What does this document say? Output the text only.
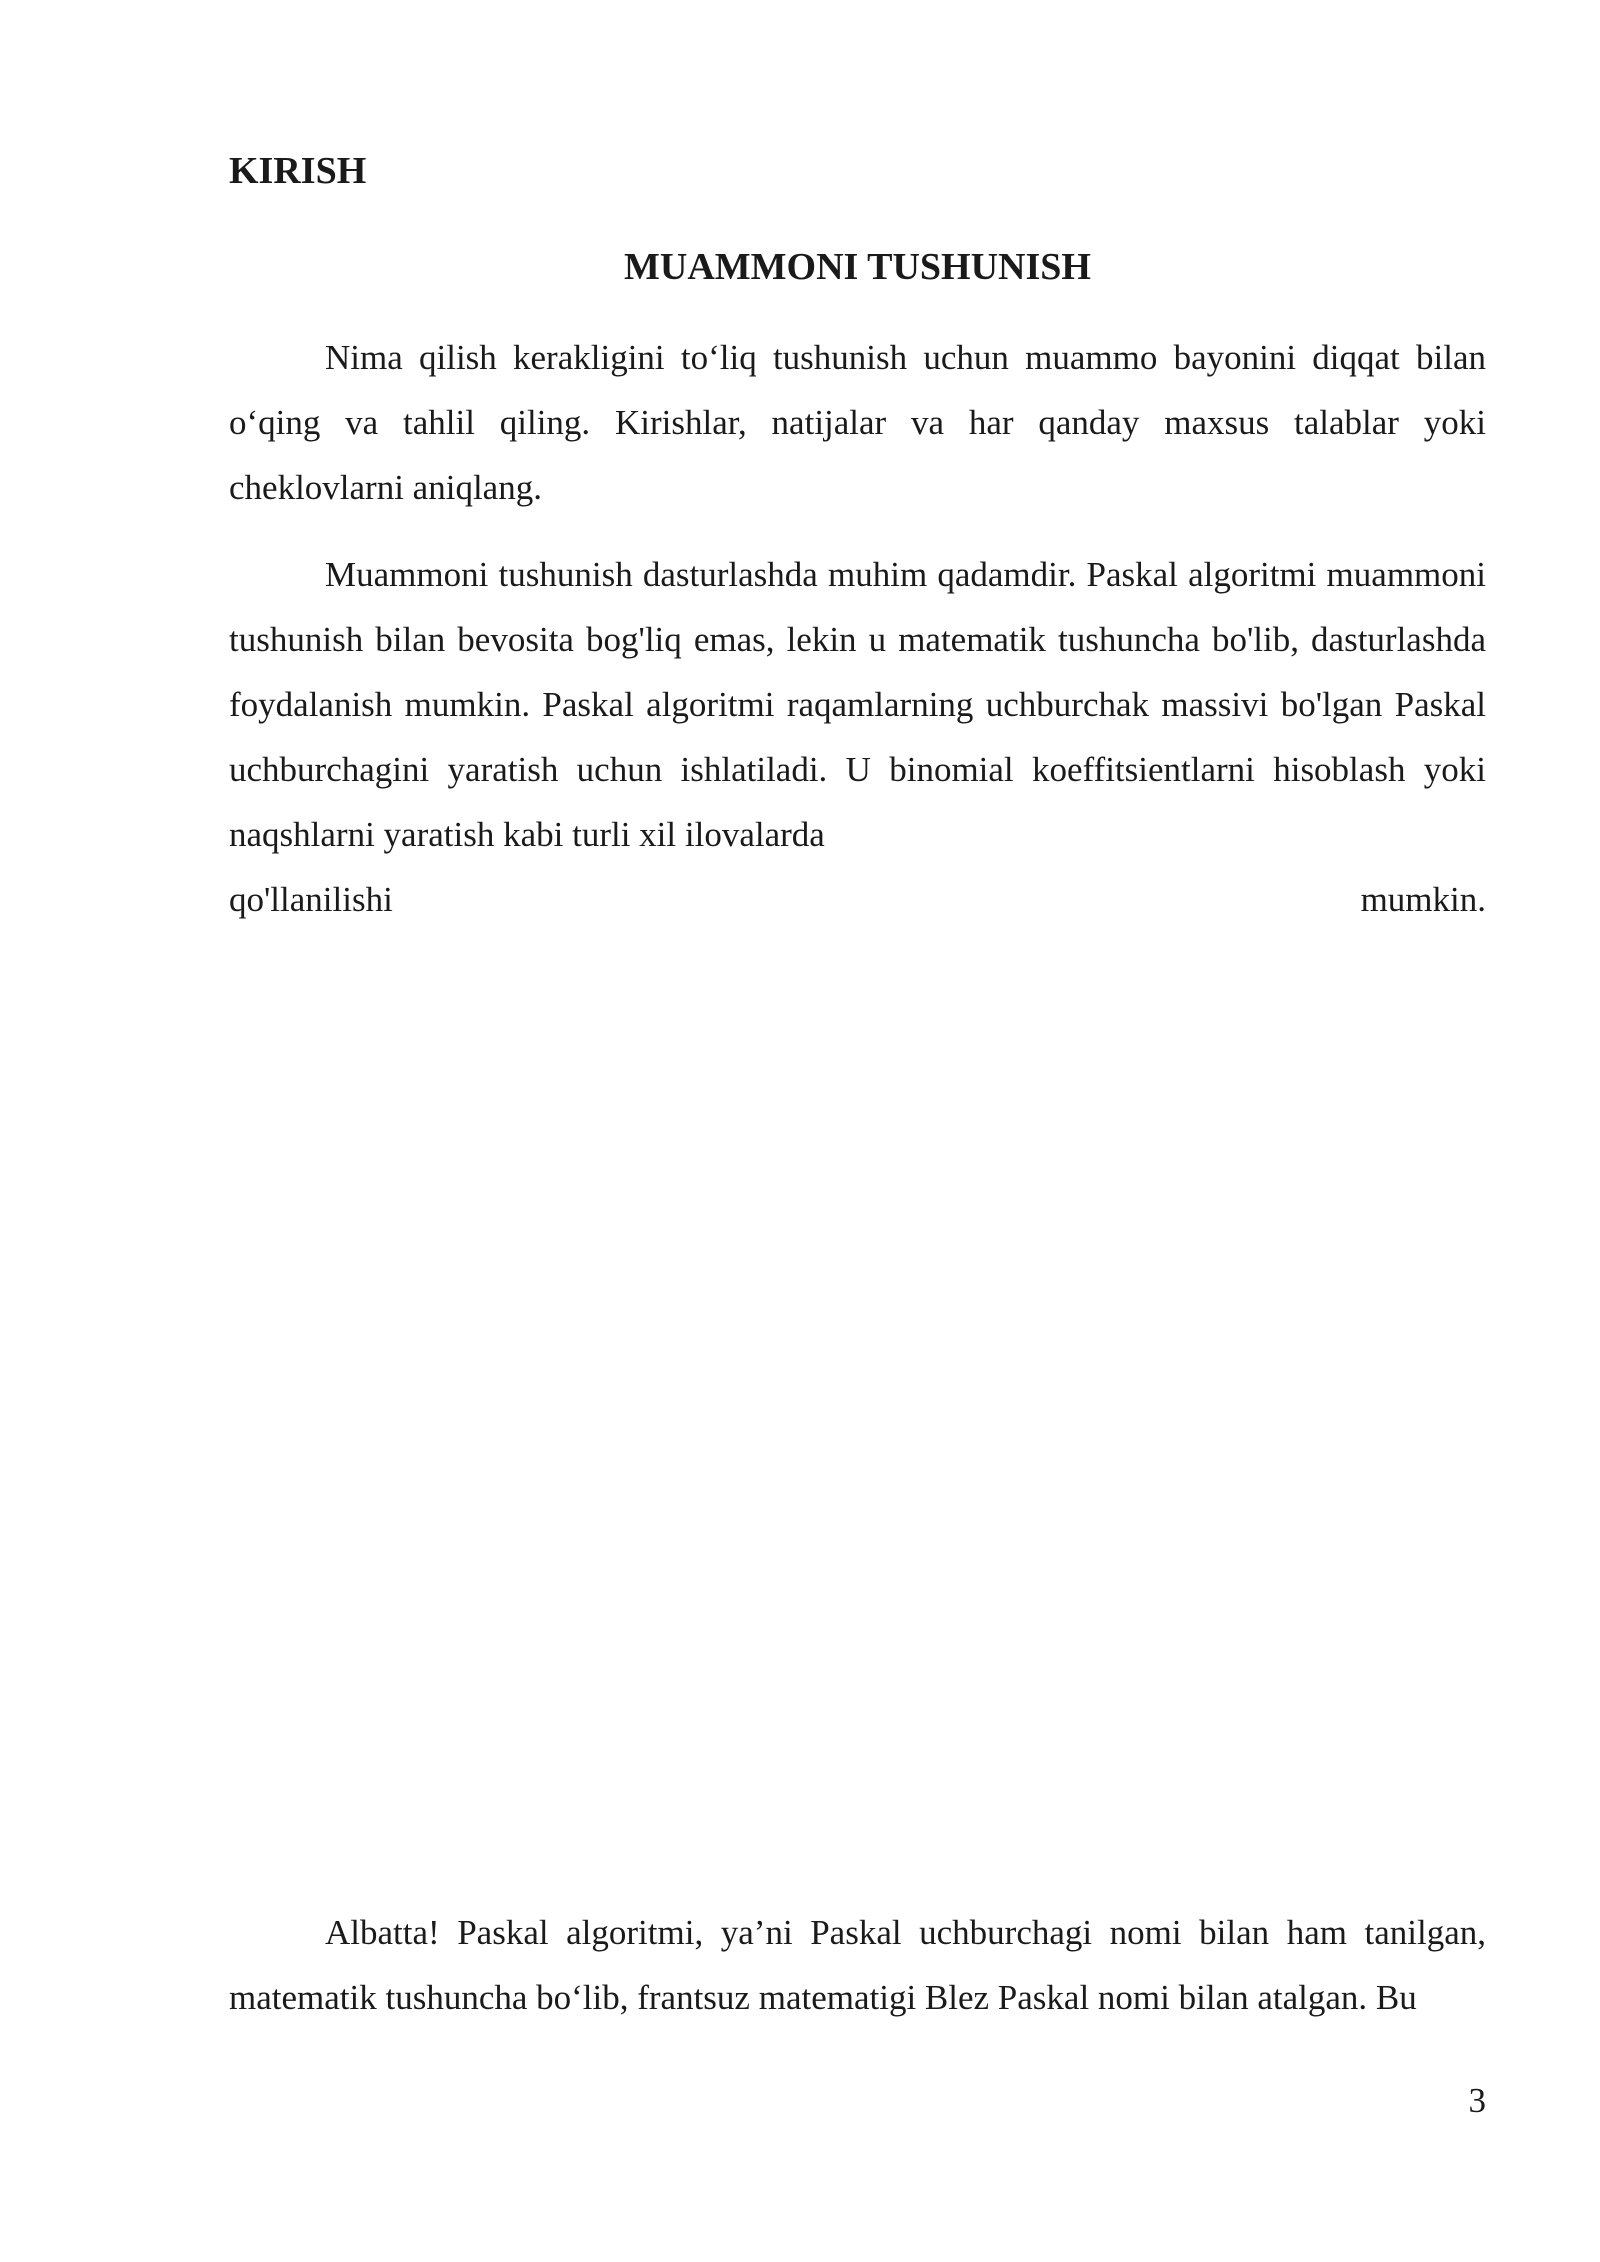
KIRISH
MUAMMONI TUSHUNISH

Nima qilish kerakligini to‘liq tushunish uchun muammo bayonini diqqat bilan o‘qing va tahlil qiling. Kirishlar, natijalar va har qanday maxsus talablar yoki cheklovlarni aniqlang.

Muammoni tushunish dasturlashda muhim qadamdir. Paskal algoritmi muammoni tushunish bilan bevosita bog'liq emas, lekin u matematik tushuncha bo'lib, dasturlashda foydalanish mumkin. Paskal algoritmi raqamlarning uchburchak massivi bo'lgan Paskal uchburchagini yaratish uchun ishlatiladi. U binomial koeffitsientlarni hisoblash yoki naqshlarni yaratish kabi turli xil ilovalarda
qo'llanilishi	mumkin.

Albatta! Paskal algoritmi, ya’ni Paskal uchburchagi nomi bilan ham tanilgan, matematik tushuncha bo‘lib, frantsuz matematigi Blez Paskal nomi bilan atalgan. Bu

3
